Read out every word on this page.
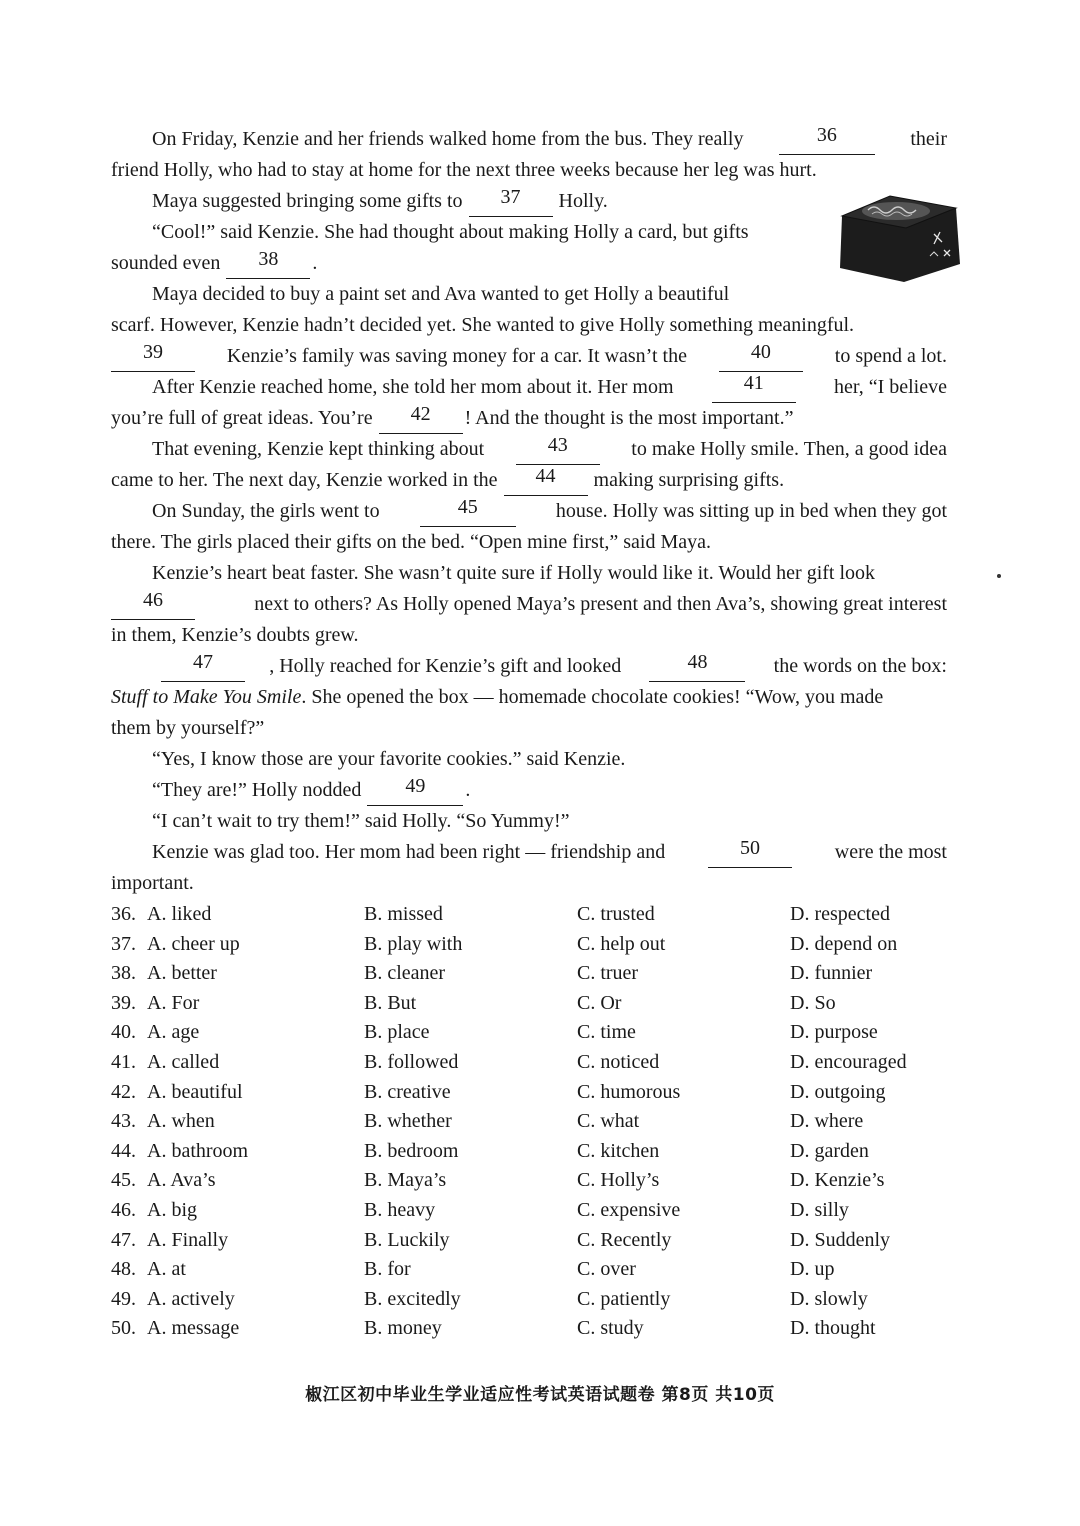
On Friday, Kenzie and her friends walked home from the bus. They really	36	their
friend Holly, who had to stay at home for the next three weeks because her leg was hurt.
Maya suggested bringing some gifts to	37	Holly.
“Cool!” said Kenzie. She had thought about making Holly a card, but gifts
sounded even	38	.
Maya decided to buy a paint set and Ava wanted to get Holly a beautiful
scarf. However, Kenzie hadn’t decided yet. She wanted to give Holly something meaningful.
39	Kenzie’s family was saving money for a car. It wasn’t the	40	to spend a lot.
After Kenzie reached home, she told her mom about it. Her mom	41	her, “I believe
you’re full of great ideas. You’re	42	! And the thought is the most important.”
That evening, Kenzie kept thinking about	43	to make Holly smile. Then, a good idea
came to her. The next day, Kenzie worked in the	44	making surprising gifts.
On Sunday, the girls went to	45	house. Holly was sitting up in bed when they got
there. The girls placed their gifts on the bed. “Open mine first,” said Maya.
Kenzie’s heart beat faster. She wasn’t quite sure if Holly would like it. Would her gift look
46	next to others? As Holly opened Maya’s present and then Ava’s, showing great interest
in them, Kenzie’s doubts grew.
47	, Holly reached for Kenzie’s gift and looked	48	the words on the box:
Stuff to Make You Smile . She opened the box — homemade chocolate cookies! “Wow, you made
them by yourself?”
“Yes, I know those are your favorite cookies.” said Kenzie.
“They are!” Holly nodded	49	.
“I can’t wait to try them!” said Holly. “So Yummy!”
Kenzie was glad too. Her mom had been right — friendship and	50	were the most
important.
36. A. liked	B. missed	C. trusted	D. respected
37. A. cheer up	B. play with	C. help out	D. depend on
38. A. better	B. cleaner	C. truer	D. funnier
39. A. For	B. But	C. Or	D. So
40. A. age	B. place	C. time	D. purpose
41. A. called	B. followed	C. noticed	D. encouraged
42. A. beautiful	B. creative	C. humorous	D. outgoing
43. A. when	B. whether	C. what	D. where
44. A. bathroom	B. bedroom	C. kitchen	D. garden
45. A. Ava’s	B. Maya’s	C. Holly’s	D. Kenzie’s
46. A. big	B. heavy	C. expensive	D. silly
47. A. Finally	B. Luckily	C. Recently	D. Suddenly
48. A. at	B. for	C. over	D. up
49. A. actively	B. excitedly	C. patiently	D. slowly
50. A. message	B. money	C. study	D. thought
椒江区初中毕业生学业适应性考试英语试题卷 第8页 共10页
